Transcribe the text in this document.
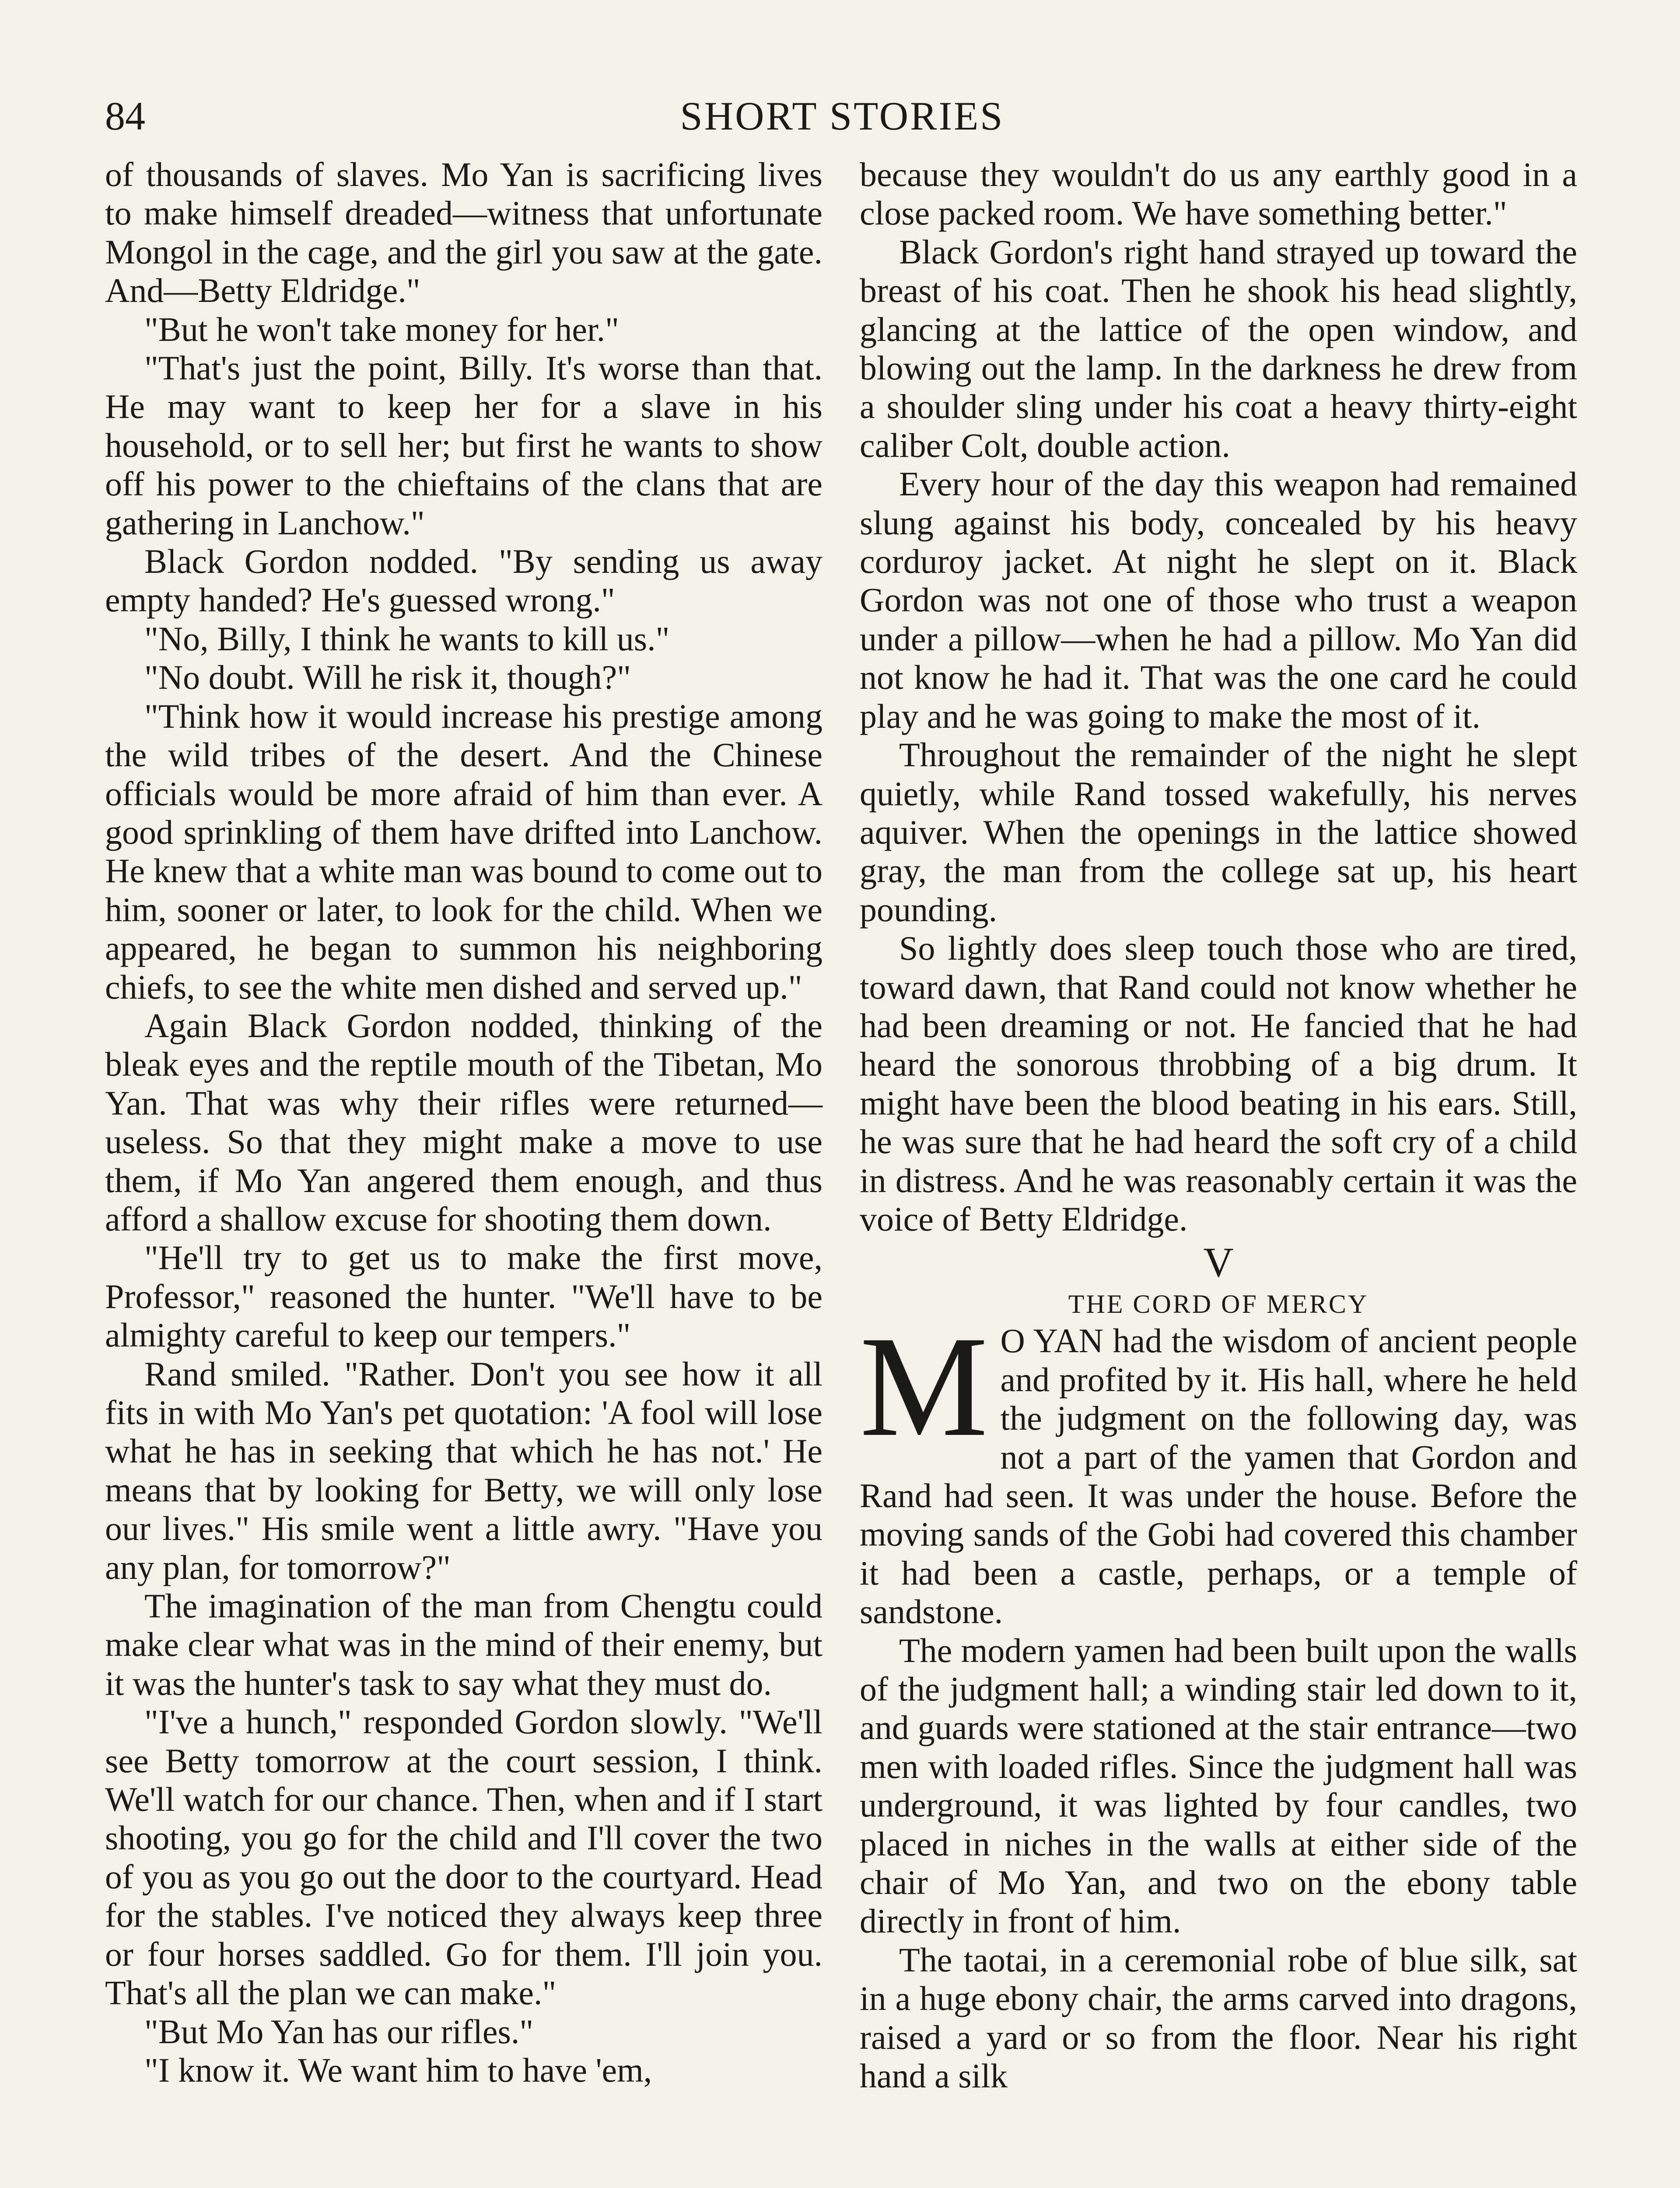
84	SHORT STORIES

of thousands of slaves. Mo Yan is sacrificing lives to make himself dreaded—witness that unfortunate Mongol in the cage, and the girl you saw at the gate. And—Betty Eldridge."

"But he won't take money for her."

"That's just the point, Billy. It's worse than that. He may want to keep her for a slave in his household, or to sell her; but first he wants to show off his power to the chieftains of the clans that are gathering in Lanchow."

Black Gordon nodded. "By sending us away empty handed? He's guessed wrong."

"No, Billy, I think he wants to kill us."

"No doubt. Will he risk it, though?"

"Think how it would increase his prestige among the wild tribes of the desert. And the Chinese officials would be more afraid of him than ever. A good sprinkling of them have drifted into Lanchow. He knew that a white man was bound to come out to him, sooner or later, to look for the child. When we appeared, he began to summon his neighboring chiefs, to see the white men dished and served up."

Again Black Gordon nodded, thinking of the bleak eyes and the reptile mouth of the Tibetan, Mo Yan. That was why their rifles were returned—useless. So that they might make a move to use them, if Mo Yan angered them enough, and thus afford a shallow excuse for shooting them down.

"He'll try to get us to make the first move, Professor," reasoned the hunter. "We'll have to be almighty careful to keep our tempers."

Rand smiled. "Rather. Don't you see how it all fits in with Mo Yan's pet quotation: 'A fool will lose what he has in seeking that which he has not.' He means that by looking for Betty, we will only lose our lives." His smile went a little awry. "Have you any plan, for tomorrow?"

The imagination of the man from Chengtu could make clear what was in the mind of their enemy, but it was the hunter's task to say what they must do.

"I've a hunch," responded Gordon slowly. "We'll see Betty tomorrow at the court session, I think. We'll watch for our chance. Then, when and if I start shooting, you go for the child and I'll cover the two of you as you go out the door to the courtyard. Head for the stables. I've noticed they always keep three or four horses saddled. Go for them. I'll join you. That's all the plan we can make."

"But Mo Yan has our rifles."

"I know it. We want him to have 'em,

because they wouldn't do us any earthly good in a close packed room. We have something better."

Black Gordon's right hand strayed up toward the breast of his coat. Then he shook his head slightly, glancing at the lattice of the open window, and blowing out the lamp. In the darkness he drew from a shoulder sling under his coat a heavy thirty-eight caliber Colt, double action.

Every hour of the day this weapon had remained slung against his body, concealed by his heavy corduroy jacket. At night he slept on it. Black Gordon was not one of those who trust a weapon under a pillow—when he had a pillow. Mo Yan did not know he had it. That was the one card he could play and he was going to make the most of it.

Throughout the remainder of the night he slept quietly, while Rand tossed wakefully, his nerves aquiver. When the openings in the lattice showed gray, the man from the college sat up, his heart pounding.

So lightly does sleep touch those who are tired, toward dawn, that Rand could not know whether he had been dreaming or not. He fancied that he had heard the sonorous throbbing of a big drum. It might have been the blood beating in his ears. Still, he was sure that he had heard the soft cry of a child in distress. And he was reasonably certain it was the voice of Betty Eldridge.

V

THE CORD OF MERCY

M O YAN had the wisdom of ancient people and profited by it. His hall, where he held the judgment on the following day, was not a part of the yamen that Gordon and Rand had seen. It was under the house. Before the moving sands of the Gobi had covered this chamber it had been a castle, perhaps, or a temple of sandstone.

The modern yamen had been built upon the walls of the judgment hall; a winding stair led down to it, and guards were stationed at the stair entrance—two men with loaded rifles. Since the judgment hall was underground, it was lighted by four candles, two placed in niches in the walls at either side of the chair of Mo Yan, and two on the ebony table directly in front of him.

The taotai, in a ceremonial robe of blue silk, sat in a huge ebony chair, the arms carved into dragons, raised a yard or so from the floor. Near his right hand a silk
